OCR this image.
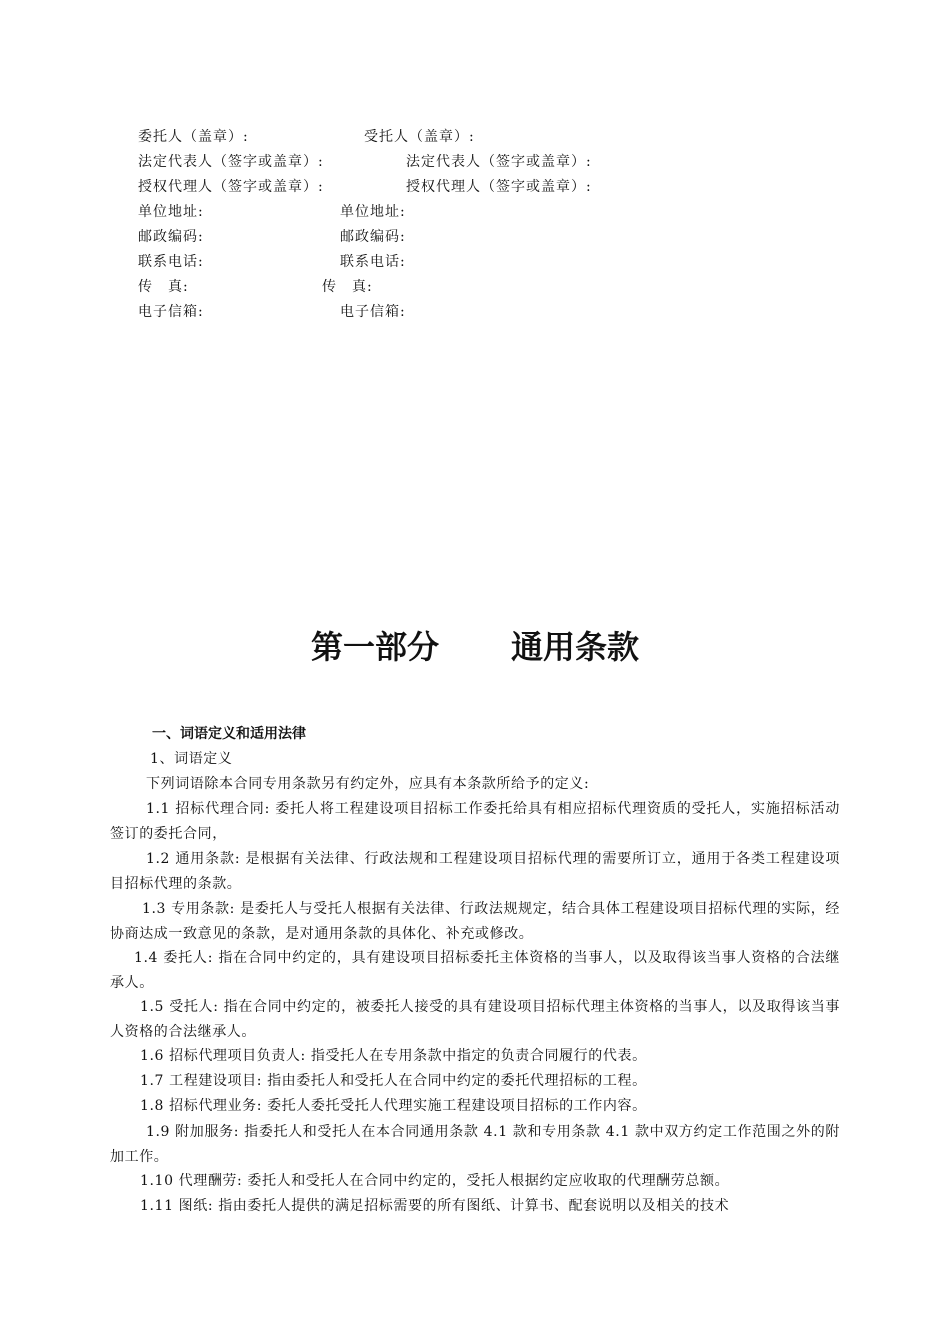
委托人（盖章）:
法定代表人（签字或盖章）:
授权代理人（签字或盖章）:
单位地址:
邮政编码:
联系电话:
传　真:
电子信箱:
受托人（盖章）:
法定代表人（签字或盖章）:
授权代理人（签字或盖章）:
单位地址:
邮政编码:
联系电话:
传　真:
电子信箱:
第一部分 通用条款
一、词语定义和适用法律
1、词语定义
下列词语除本合同专用条款另有约定外，应具有本条款所给予的定义:
1.1 招标代理合同: 委托人将工程建设项目招标工作委托给具有相应招标代理资质的受托人，实施招标活动签订的委托合同，
1.2 通用条款: 是根据有关法律、行政法规和工程建设项目招标代理的需要所订立，通用于各类工程建设项目招标代理的条款。
1.3 专用条款: 是委托人与受托人根据有关法律、行政法规规定，结合具体工程建设项目招标代理的实际，经协商达成一致意见的条款，是对通用条款的具体化、补充或修改。
1.4 委托人: 指在合同中约定的，具有建设项目招标委托主体资格的当事人，以及取得该当事人资格的合法继承人。
1.5 受托人: 指在合同中约定的，被委托人接受的具有建设项目招标代理主体资格的当事人，以及取得该当事人资格的合法继承人。
1.6 招标代理项目负责人: 指受托人在专用条款中指定的负责合同履行的代表。
1.7 工程建设项目: 指由委托人和受托人在合同中约定的委托代理招标的工程。
1.8 招标代理业务: 委托人委托受托人代理实施工程建设项目招标的工作内容。
1.9 附加服务: 指委托人和受托人在本合同通用条款 4.1 款和专用条款 4.1 款中双方约定工作范围之外的附加工作。
1.10 代理酬劳: 委托人和受托人在合同中约定的，受托人根据约定应收取的代理酬劳总额。
1.11 图纸: 指由委托人提供的满足招标需要的所有图纸、计算书、配套说明以及相关的技术
